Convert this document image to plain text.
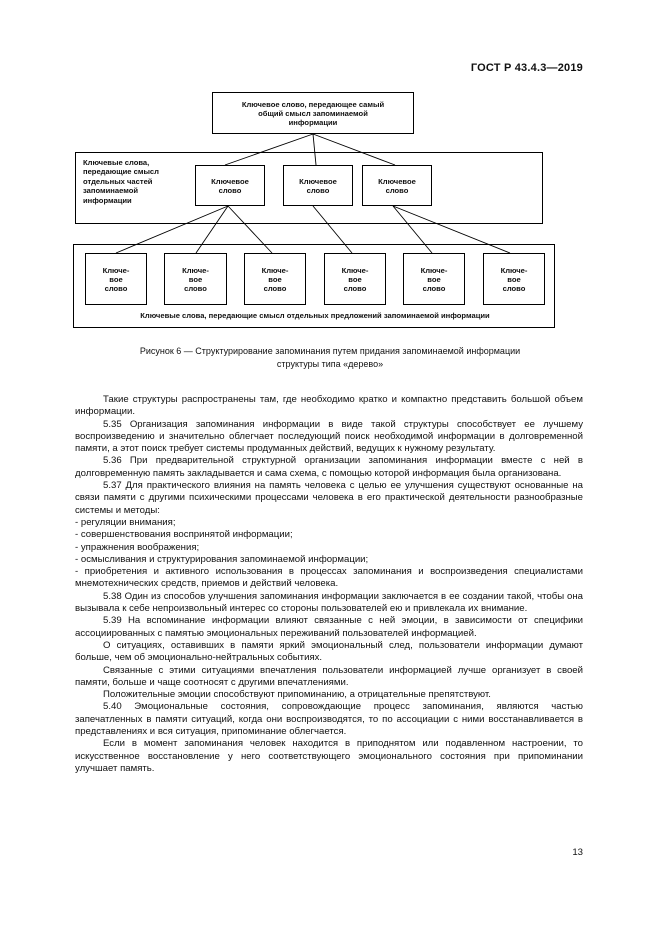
ГОСТ Р 43.4.3—2019
Ключевое слово, передающее самый
общий смысл запоминаемой
информации
Ключевые слова,
передающие смысл
отдельных частей
запоминаемой
информации
Ключевое
слово
Ключевое
слово
Ключевое
слово
Ключе-
вое
слово
Ключе-
вое
слово
Ключе-
вое
слово
Ключе-
вое
слово
Ключе-
вое
слово
Ключе-
вое
слово
Ключевые слова, передающие смысл отдельных предложений запоминаемой информации
Рисунок 6 — Структурирование запоминания путем придания запоминаемой информации
структуры типа «дерево»

Такие структуры распространены там, где необходимо кратко и компактно представить большой объем информации.

5.35 Организация запоминания информации в виде такой структуры способствует ее лучшему воспроизведению и значительно облегчает последующий поиск необходимой информации в долговременной памяти, а этот поиск требует системы продуманных действий, ведущих к нужному результату.

5.36 При предварительной структурной организации запоминания информации вместе с ней в долговременную память закладывается и сама схема, с помощью которой информация была организована.

5.37 Для практического влияния на память человека с целью ее улучшения существуют основанные на связи памяти с другими психическими процессами человека в его практической деятельности разнообразные системы и методы:

- регуляции внимания;

- совершенствования воспринятой информации;

- упражнения воображения;

- осмысливания и структурирования запоминаемой информации;

- приобретения и активного использования в процессах запоминания и воспроизведения специалистами мнемотехнических средств, приемов и действий человека.

5.38 Один из способов улучшения запоминания информации заключается в ее создании такой, чтобы она вызывала к себе непроизвольный интерес со стороны пользователей ею и привлекала их внимание.

5.39 На вспоминание информации влияют связанные с ней эмоции, в зависимости от специфики ассоциированных с памятью эмоциональных переживаний пользователей информацией.

О ситуациях, оставивших в памяти яркий эмоциональный след, пользователи информации думают больше, чем об эмоционально-нейтральных событиях.

Связанные с этими ситуациями впечатления пользователи информацией лучше организует в своей памяти, больше и чаще соотносят с другими впечатлениями.

Положительные эмоции способствуют припоминанию, а отрицательные препятствуют.

5.40 Эмоциональные состояния, сопровождающие процесс запоминания, являются частью запечатленных в памяти ситуаций, когда они воспроизводятся, то по ассоциации с ними восстанавливается в представлениях и вся ситуация, припоминание облегчается.

Если в момент запоминания человек находится в приподнятом или подавленном настроении, то искусственное восстановление у него соответствующего эмоционального состояния при припоминании улучшает память.

13
